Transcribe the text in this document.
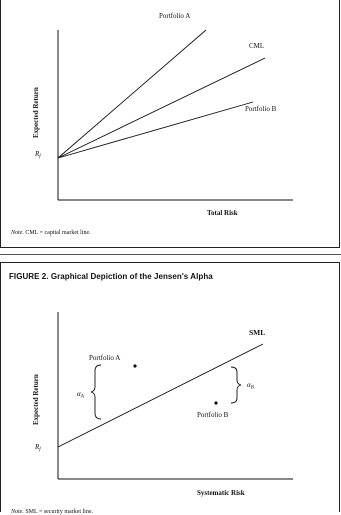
Portfolio A
CML
Portfolio B
Total Risk
Expected Return
$R_f$

Note. CML = capital market line.

FIGURE 2. Graphical Depiction of the Jensen's Alpha

SML
Portfolio A
$\alpha_A$
Portfolio B
$\alpha_B$
Systematic Risk
Expected Return
$R_f$

Note. SML = security market line.
